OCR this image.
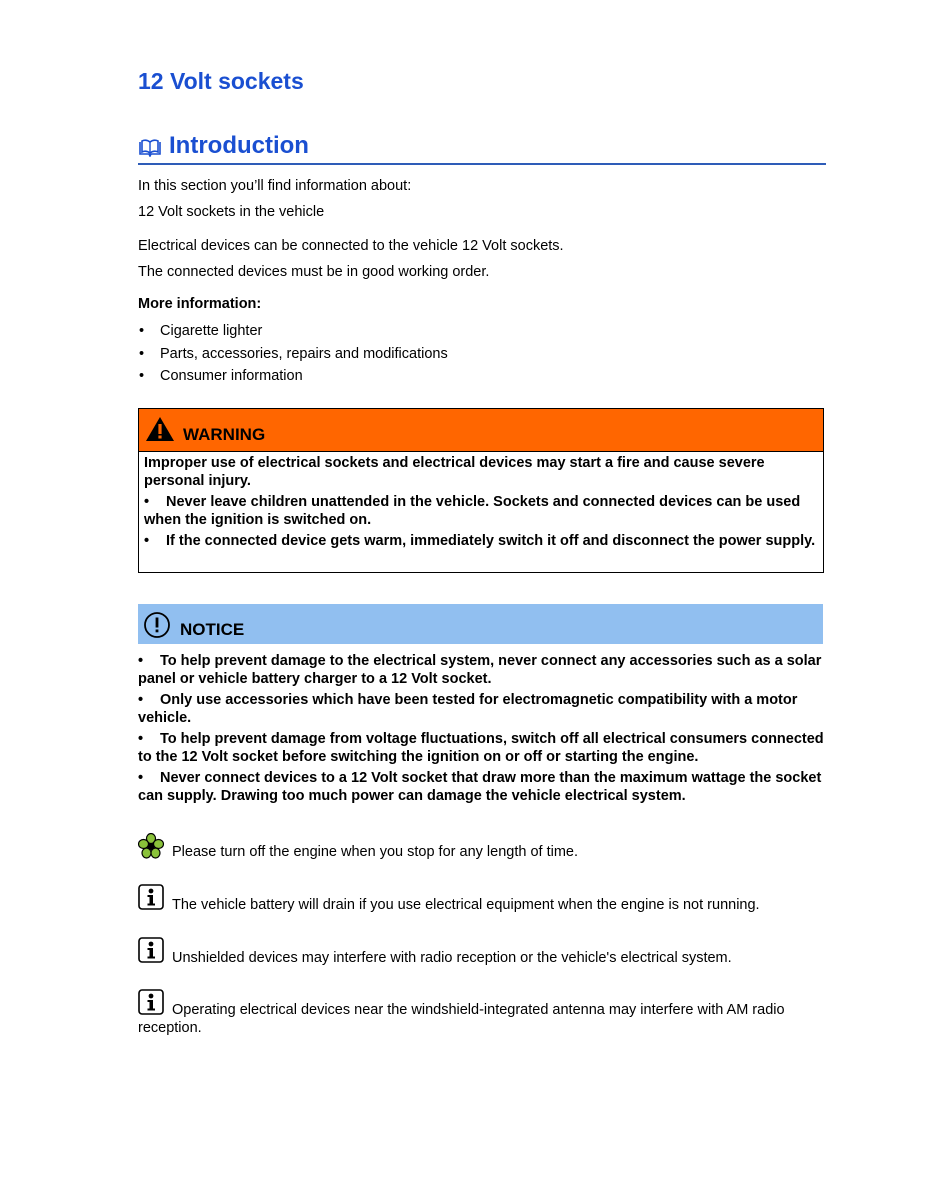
12 Volt sockets
Introduction

In this section you’ll find information about:

12 Volt sockets in the vehicle

Electrical devices can be connected to the vehicle 12 Volt sockets.

The connected devices must be in good working order.

More information:

• Cigarette lighter
• Parts, accessories, repairs and modifications
• Consumer information
WARNING

Improper use of electrical sockets and electrical devices may start a fire and cause severe personal injury.

• Never leave children unattended in the vehicle. Sockets and connected devices can be used when the ignition is switched on.

• If the connected device gets warm, immediately switch it off and disconnect the power supply.

NOTICE

• To help prevent damage to the electrical system, never connect any accessories such as a solar panel or vehicle battery charger to a 12 Volt socket.

• Only use accessories which have been tested for electromagnetic compatibility with a motor vehicle.

• To help prevent damage from voltage fluctuations, switch off all electrical consumers connected to the 12 Volt socket before switching the ignition on or off or starting the engine.

• Never connect devices to a 12 Volt socket that draw more than the maximum wattage the socket can supply. Drawing too much power can damage the vehicle electrical system.

Please turn off the engine when you stop for any length of time.
The vehicle battery will drain if you use electrical equipment when the engine is not running.
Unshielded devices may interfere with radio reception or the vehicle's electrical system.
Operating electrical devices near the windshield-integrated antenna may interfere with AM radio reception.
